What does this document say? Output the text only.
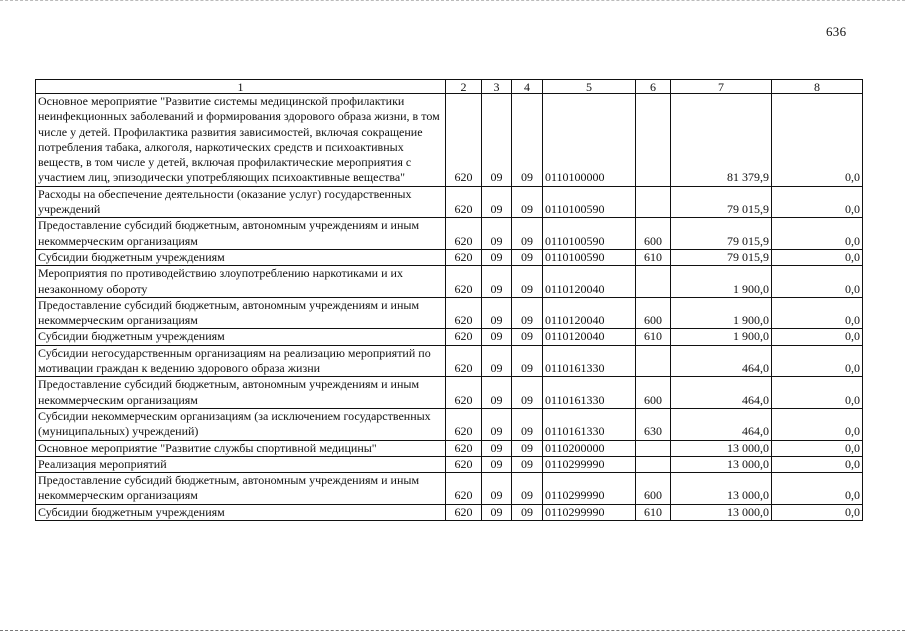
636
1	2	3	4	5	6	7	8
Основное мероприятие "Развитие системы медицинской профилактики неинфекционных заболеваний и формирования здорового образа жизни, в том числе у детей. Профилактика развития зависимостей, включая сокращение потребления табака, алкоголя, наркотических средств и психоактивных веществ, в том числе у детей, включая профилактические мероприятия с участием лиц, эпизодически употребляющих психоактивные вещества"	620	09	09	0110100000		81 379,9	0,0
Расходы на обеспечение деятельности (оказание услуг) государственных учреждений	620	09	09	0110100590		79 015,9	0,0
Предоставление субсидий бюджетным, автономным учреждениям и иным некоммерческим организациям	620	09	09	0110100590	600	79 015,9	0,0
Субсидии бюджетным учреждениям	620	09	09	0110100590	610	79 015,9	0,0
Мероприятия по противодействию злоупотреблению наркотиками и их незаконному обороту	620	09	09	0110120040		1 900,0	0,0
Предоставление субсидий бюджетным, автономным учреждениям и иным некоммерческим организациям	620	09	09	0110120040	600	1 900,0	0,0
Субсидии бюджетным учреждениям	620	09	09	0110120040	610	1 900,0	0,0
Субсидии негосударственным организациям на реализацию мероприятий по мотивации граждан к ведению здорового образа жизни	620	09	09	0110161330		464,0	0,0
Предоставление субсидий бюджетным, автономным учреждениям и иным некоммерческим организациям	620	09	09	0110161330	600	464,0	0,0
Субсидии некоммерческим организациям (за исключением государственных (муниципальных) учреждений)	620	09	09	0110161330	630	464,0	0,0
Основное мероприятие "Развитие службы спортивной медицины"	620	09	09	0110200000		13 000,0	0,0
Реализация мероприятий	620	09	09	0110299990		13 000,0	0,0
Предоставление субсидий бюджетным, автономным учреждениям и иным некоммерческим организациям	620	09	09	0110299990	600	13 000,0	0,0
Субсидии бюджетным учреждениям	620	09	09	0110299990	610	13 000,0	0,0
